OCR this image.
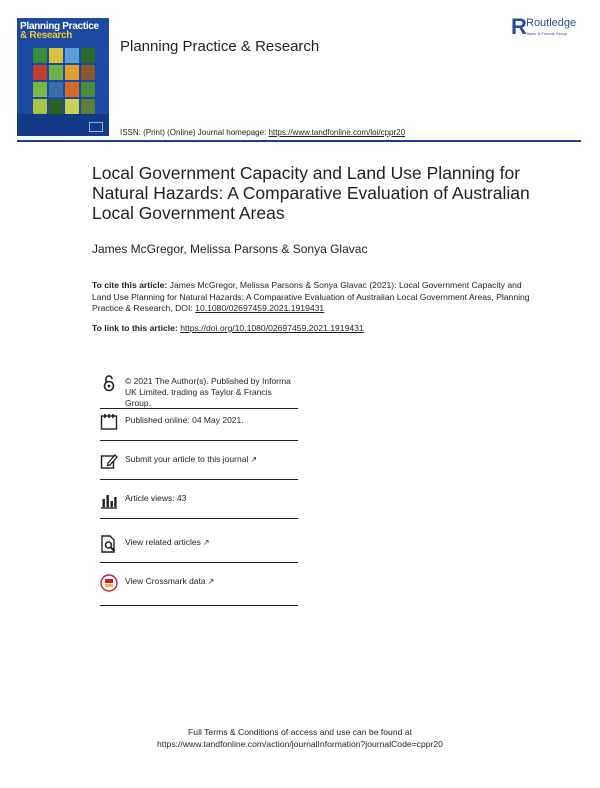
Planning Practice
& Research
Planning Practice & Research
R Routledge
Taylor & Francis Group
ISSN: (Print) (Online) Journal homepage: https://www.tandfonline.com/loi/cppr20
Local Government Capacity and Land Use Planning for Natural Hazards: A Comparative Evaluation of Australian Local Government Areas
James McGregor, Melissa Parsons & Sonya Glavac
To cite this article: James McGregor, Melissa Parsons & Sonya Glavac (2021): Local Government Capacity and Land Use Planning for Natural Hazards: A Comparative Evaluation of Australian Local Government Areas, Planning Practice & Research, DOI: 10.1080/02697459.2021.1919431
To link to this article: https://doi.org/10.1080/02697459.2021.1919431
© 2021 The Author(s). Published by Informa UK Limited, trading as Taylor & Francis Group.
Published online: 04 May 2021.
Submit your article to this journal ↗
Article views: 43
View related articles ↗
View Crossmark data ↗
Full Terms & Conditions of access and use can be found at
https://www.tandfonline.com/action/journalInformation?journalCode=cppr20
